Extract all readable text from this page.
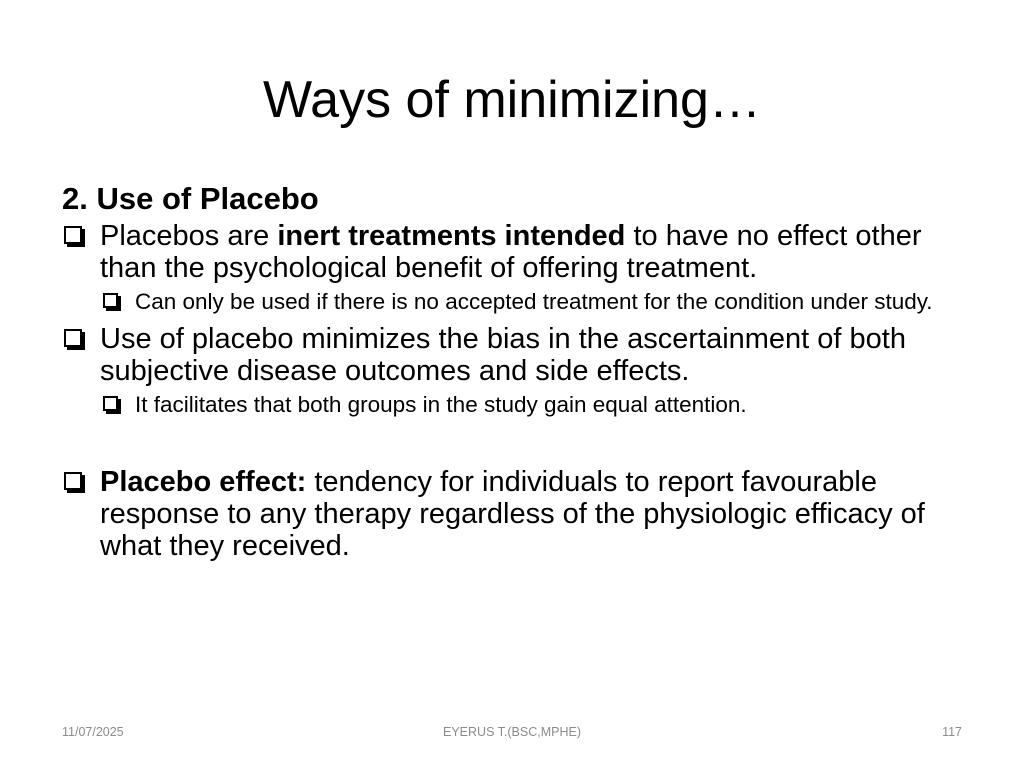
Ways of minimizing…
2. Use of Placebo
Placebos are inert treatments intended to have no effect other than the psychological benefit of offering treatment.
Can only be used if there is no accepted treatment for the condition under study.
Use of placebo minimizes the bias in the ascertainment of both subjective disease outcomes and side effects.
It facilitates that both groups in the study gain equal attention.
Placebo effect: tendency for individuals to report favourable response to any therapy regardless of the physiologic efficacy of what they received.
11/07/2025	EYERUS T.(BSC,MPHE)	117
